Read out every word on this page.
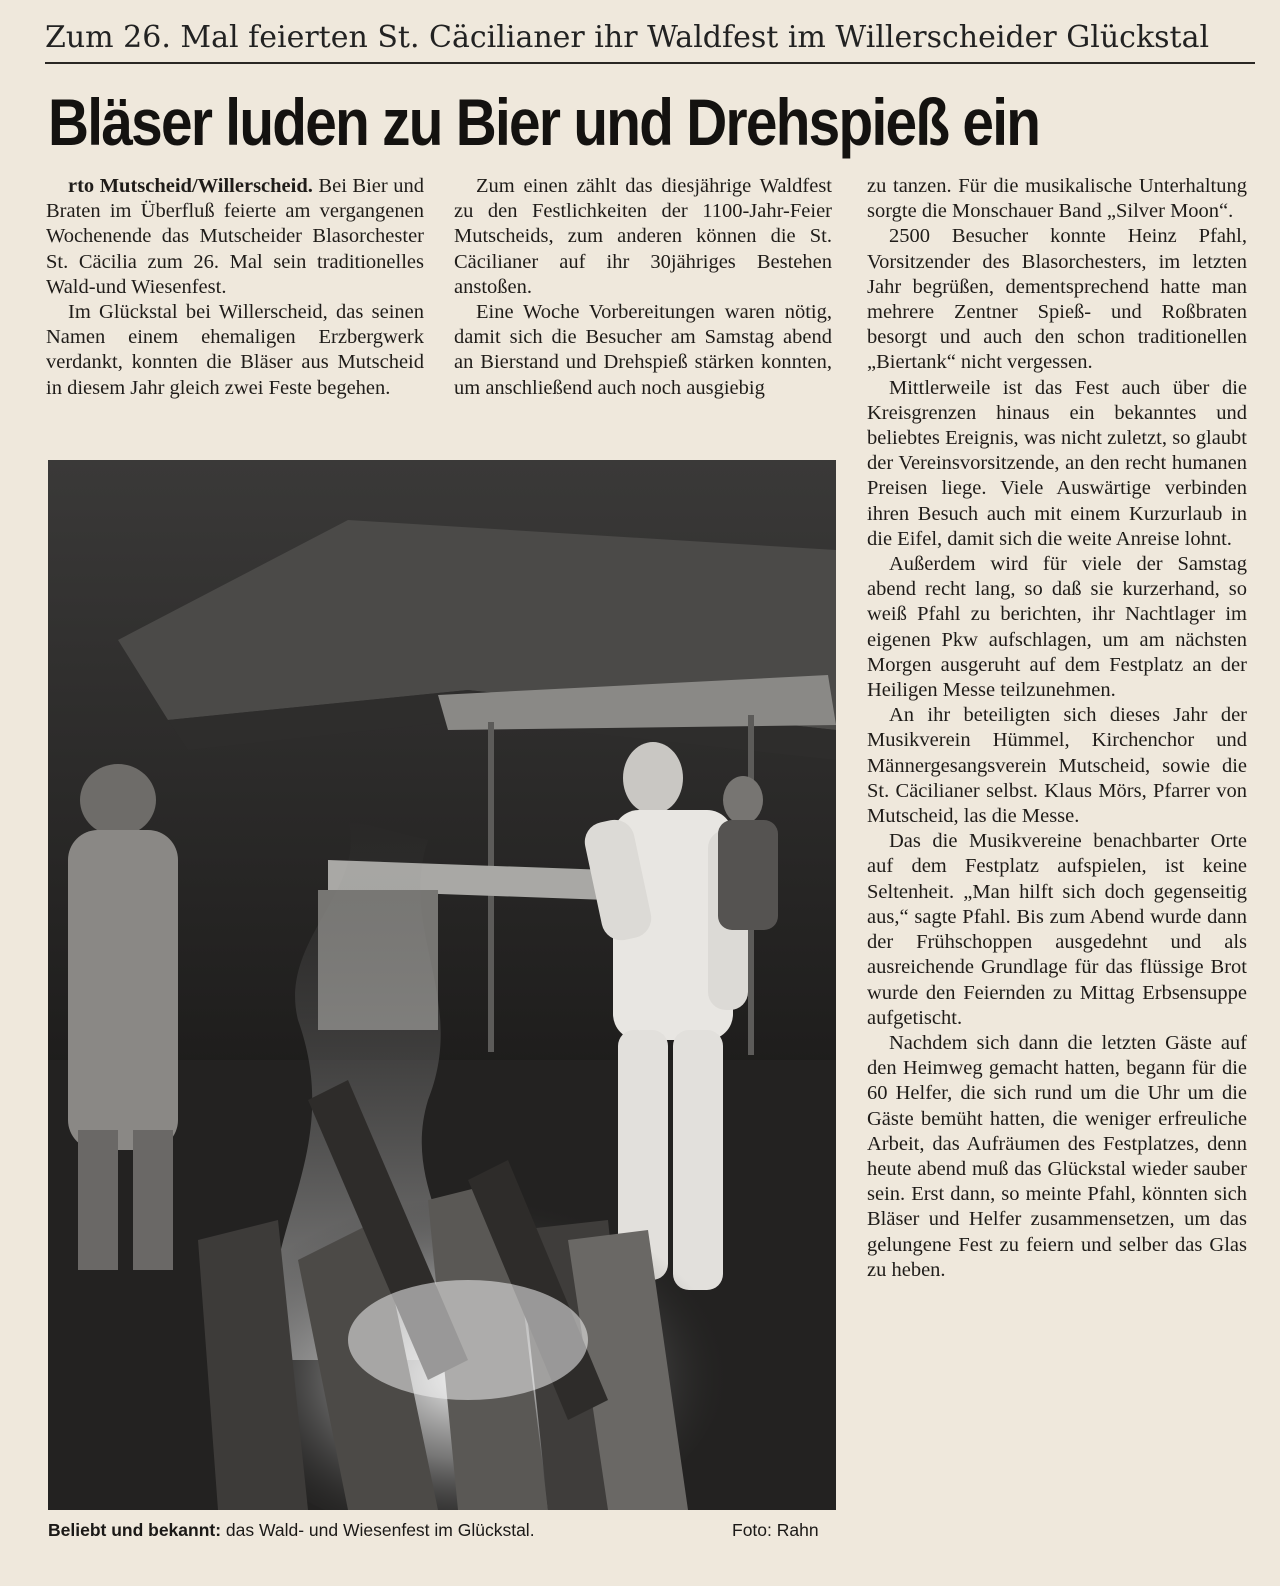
Zum 26. Mal feierten St. Cäcilianer ihr Waldfest im Willerscheider Glückstal
Bläser luden zu Bier und Drehspieß ein

rto Mutscheid/Willerscheid. Bei Bier und Braten im Überfluß feierte am vergangenen Wochenende das Mutscheider Blasorchester St. Cäcilia zum 26. Mal sein traditionelles Wald-und Wiesenfest.

Im Glückstal bei Willerscheid, das seinen Namen einem ehemaligen Erzbergwerk verdankt, konnten die Bläser aus Mutscheid in diesem Jahr gleich zwei Feste begehen.

Zum einen zählt das diesjährige Waldfest zu den Festlichkeiten der 1100-Jahr-Feier Mutscheids, zum anderen können die St. Cäcilianer auf ihr 30jähriges Bestehen anstoßen.

Eine Woche Vorbereitungen waren nötig, damit sich die Besucher am Samstag abend an Bierstand und Drehspieß stärken konnten, um anschließend auch noch ausgiebig

zu tanzen. Für die musikalische Unterhaltung sorgte die Monschauer Band „Silver Moon“.

2500 Besucher konnte Heinz Pfahl, Vorsitzender des Blasorchesters, im letzten Jahr begrüßen, dementsprechend hatte man mehrere Zentner Spieß- und Roßbraten besorgt und auch den schon traditionellen „Biertank“ nicht vergessen.

Mittlerweile ist das Fest auch über die Kreisgrenzen hinaus ein bekanntes und beliebtes Ereignis, was nicht zuletzt, so glaubt der Vereinsvorsitzende, an den recht humanen Preisen liege. Viele Auswärtige verbinden ihren Besuch auch mit einem Kurzurlaub in die Eifel, damit sich die weite Anreise lohnt.

Außerdem wird für viele der Samstag abend recht lang, so daß sie kurzerhand, so weiß Pfahl zu berichten, ihr Nachtlager im eigenen Pkw aufschlagen, um am nächsten Morgen ausgeruht auf dem Festplatz an der Heiligen Messe teilzunehmen.

An ihr beteiligten sich dieses Jahr der Musikverein Hümmel, Kirchenchor und Männergesangsverein Mutscheid, sowie die St. Cäcilianer selbst. Klaus Mörs, Pfarrer von Mutscheid, las die Messe.

Das die Musikvereine benachbarter Orte auf dem Festplatz aufspielen, ist keine Seltenheit. „Man hilft sich doch gegenseitig aus,“ sagte Pfahl. Bis zum Abend wurde dann der Frühschoppen ausgedehnt und als ausreichende Grundlage für das flüssige Brot wurde den Feiernden zu Mittag Erbsensuppe aufgetischt.

Nachdem sich dann die letzten Gäste auf den Heimweg gemacht hatten, begann für die 60 Helfer, die sich rund um die Uhr um die Gäste bemüht hatten, die weniger erfreuliche Arbeit, das Aufräumen des Festplatzes, denn heute abend muß das Glückstal wieder sauber sein. Erst dann, so meinte Pfahl, könnten sich Bläser und Helfer zusammensetzen, um das gelungene Fest zu feiern und selber das Glas zu heben.

Beliebt und bekannt: das Wald- und Wiesenfest im Glückstal.	Foto: Rahn
